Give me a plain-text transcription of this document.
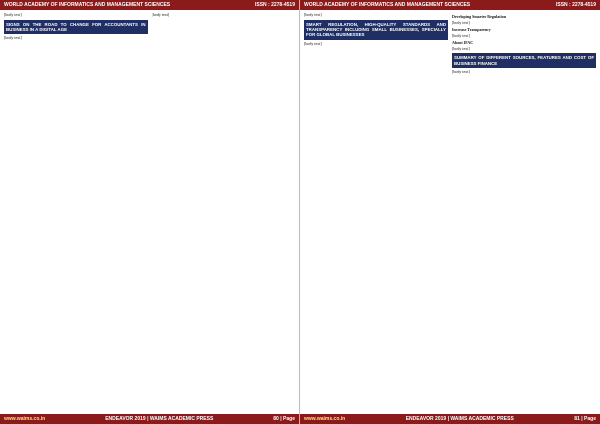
WORLD ACADEMY OF INFORMATICS AND MANAGEMENT SCIENCES	ISSN : 2278-4519

[body text]

SIGNS ON THE ROAD TO CHANGE FOR ACCOUNTANTS IN BUSINESS IN A DIGITAL AGE

[body text]

[body text]

www.waims.co.in	ENDEAVOR 2019 | WAIMS ACADEMIC PRESS	80 | Page
WORLD ACADEMY OF INFORMATICS AND MANAGEMENT SCIENCES	ISSN : 2278-4519

[body text]

SMART REGULATION, HIGH-QUALITY STANDARDS AND TRANSPARENCY INCLUDING SMALL BUSINESSES, SPECIALLY FOR GLOBAL BUSINESSES

[body text]

Developing Smarter Regulation

[body text]

Increase Transparency

[body text]

About IFAC

[body text]

SUMMARY OF DIFFERENT SOURCES, FEATURES AND COST OF BUSINESS FINANCE

[body text]

www.waims.co.in	ENDEAVOR 2019 | WAIMS ACADEMIC PRESS	81 | Page
